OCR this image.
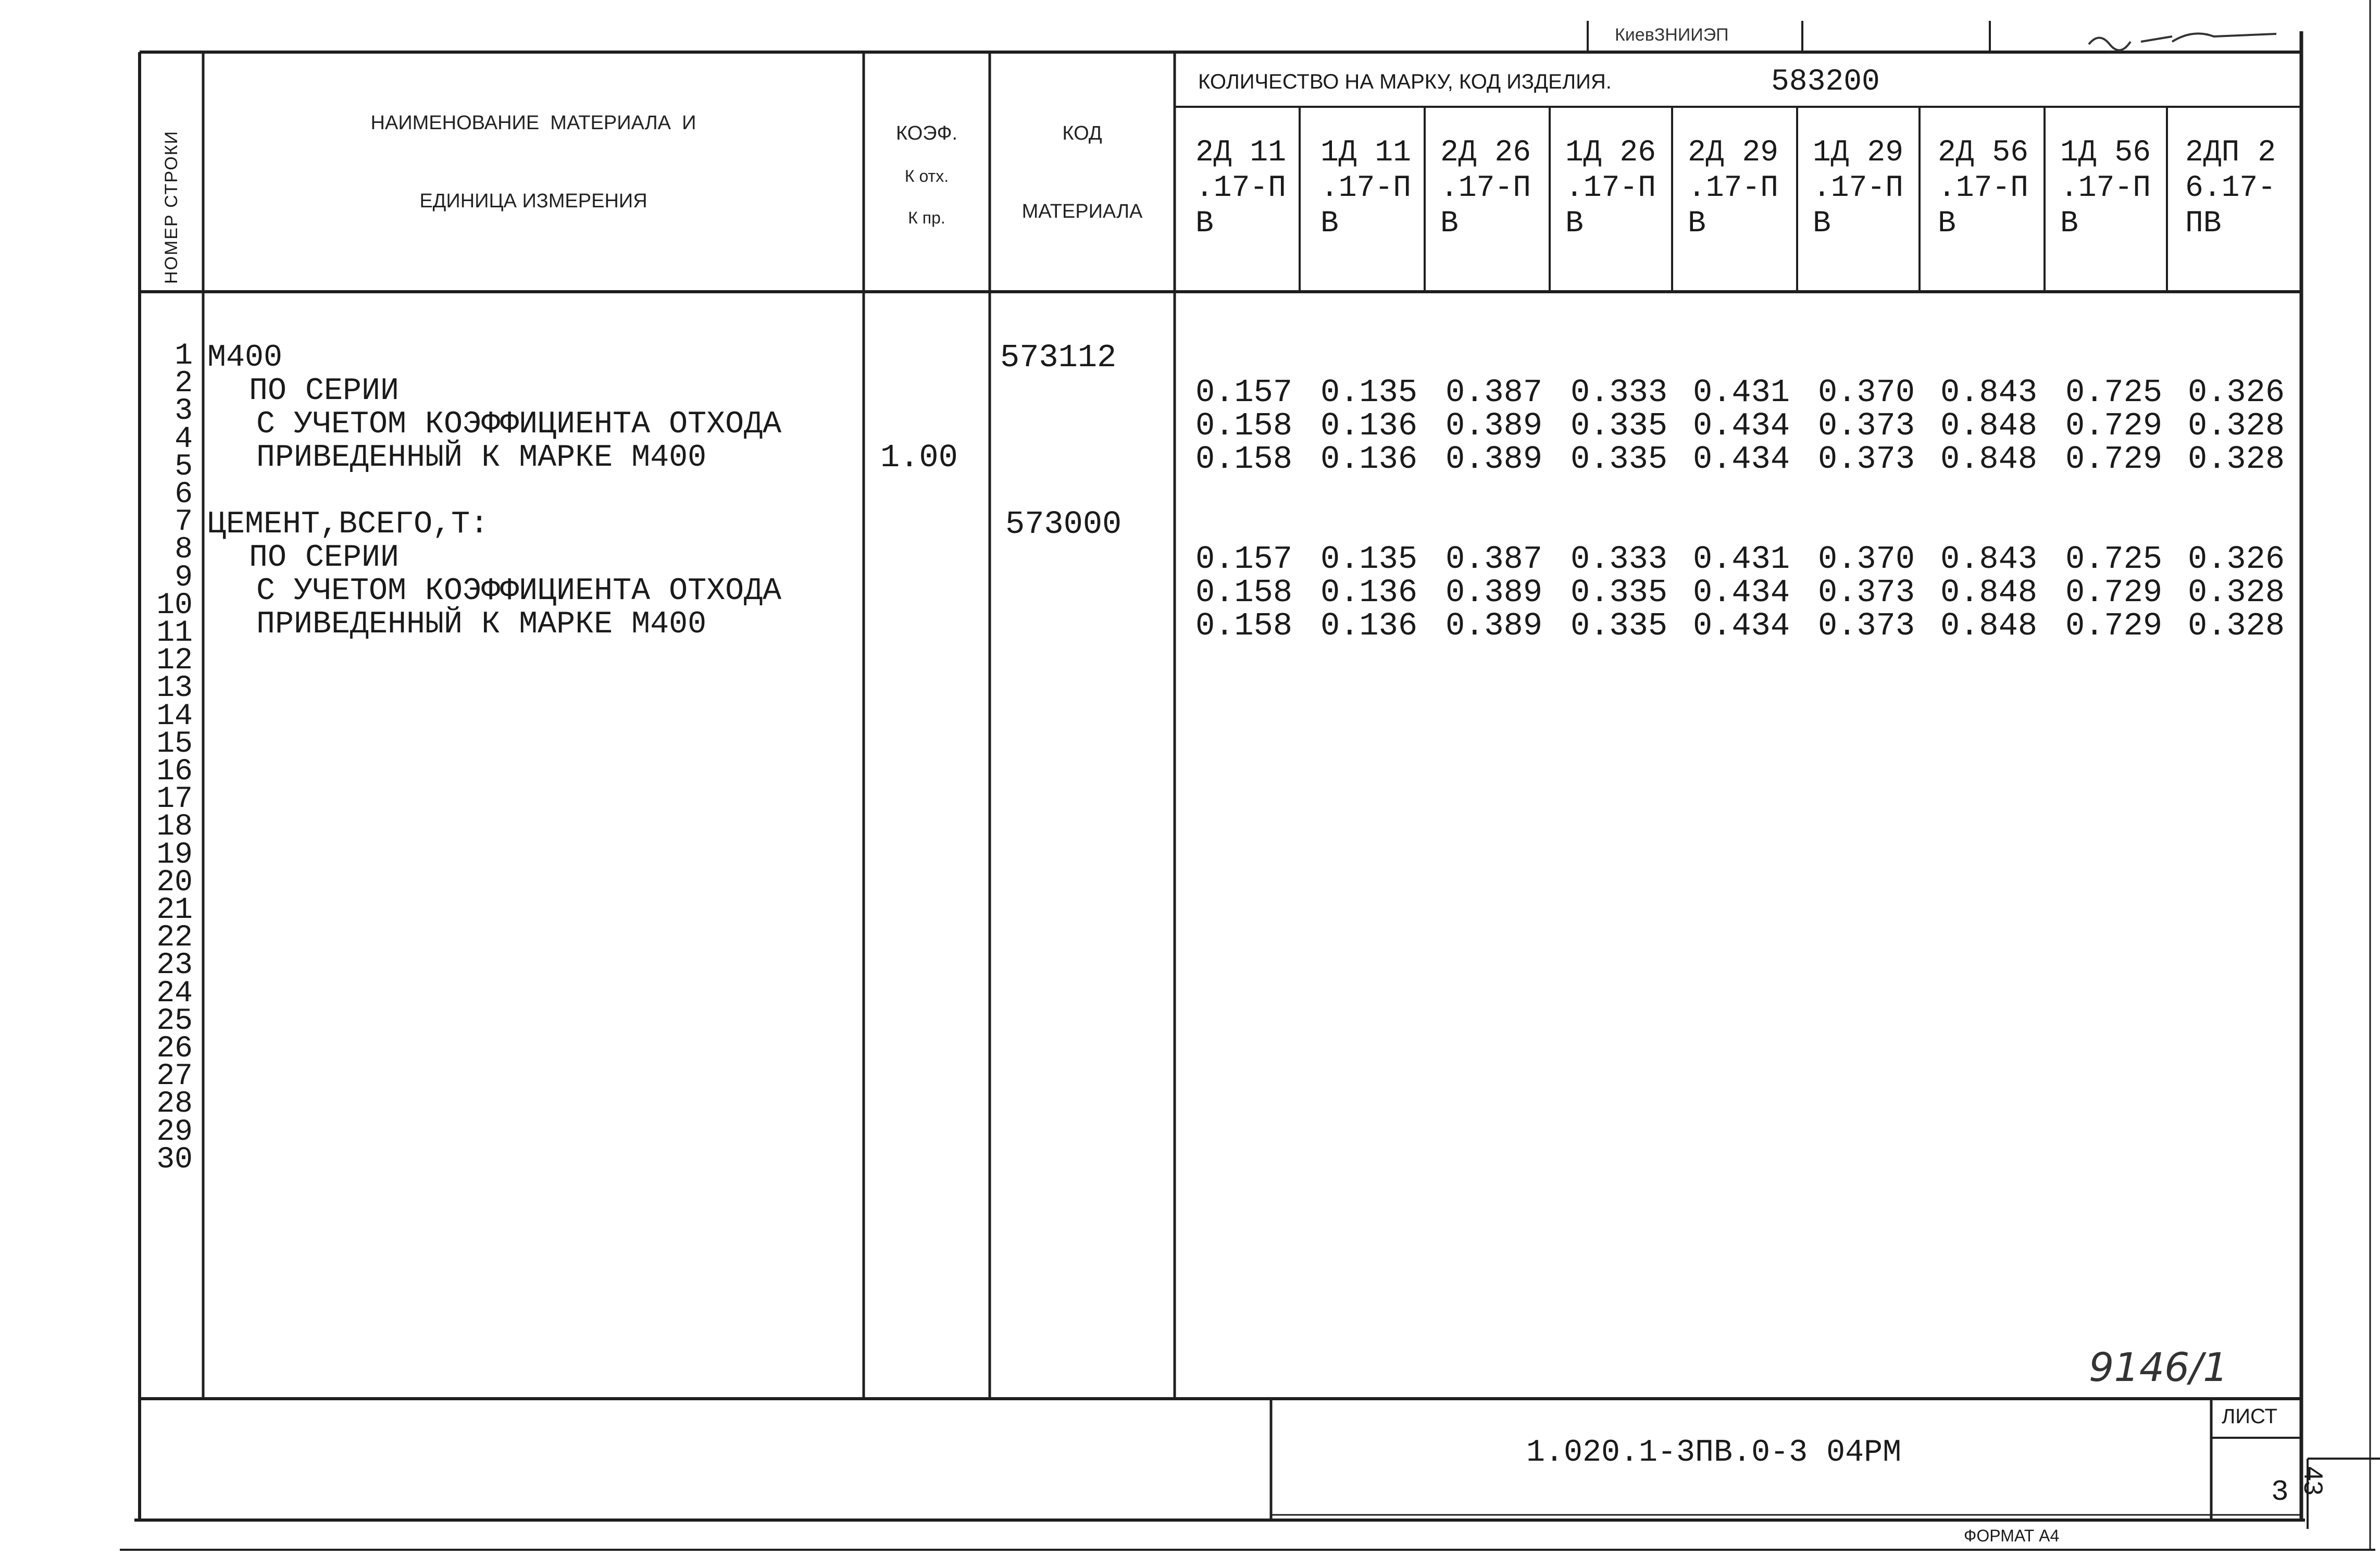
КиевЗНИИЭП
НОМЕР СТРОКИ
НАИМЕНОВАНИЕ  МАТЕРИАЛА  И
ЕДИНИЦА ИЗМЕРЕНИЯ
КОЭФ.
К отх.
К пр.
КОД
МАТЕРИАЛА
КОЛИЧЕСТВО НА МАРКУ, КОД ИЗДЕЛИЯ.	583200
2Д 11
.17-П
В
1Д 11
.17-П
В
2Д 26
.17-П
В
1Д 26
.17-П
В
2Д 29
.17-П
В
1Д 29
.17-П
В
2Д 56
.17-П
В
1Д 56
.17-П
В
2ДП 2
6.17-
ПВ
1
2
3
4
5
6
7
8
9
10
11
12
13
14
15
16
17
18
19
20
21
22
23
24
25
26
27
28
29
30
М400
ПО СЕРИИ
С УЧЕТОМ КОЭФФИЦИЕНТА ОТХОДА
ПРИВЕДЕННЫЙ К МАРКЕ М400	1.00
573112
0.157 0.135 0.387 0.333 0.431 0.370 0.843 0.725 0.326
0.158 0.136 0.389 0.335 0.434 0.373 0.848 0.729 0.328
0.158 0.136 0.389 0.335 0.434 0.373 0.848 0.729 0.328
ЦЕМЕНТ,ВСЕГО,Т:
ПО СЕРИИ
С УЧЕТОМ КОЭФФИЦИЕНТА ОТХОДА
ПРИВЕДЕННЫЙ К МАРКЕ М400
573000
0.157 0.135 0.387 0.333 0.431 0.370 0.843 0.725 0.326
0.158 0.136 0.389 0.335 0.434 0.373 0.848 0.729 0.328
0.158 0.136 0.389 0.335 0.434 0.373 0.848 0.729 0.328
9146/1
1.020.1-3ПВ.0-3 04РМ
ЛИСТ
3
ФОРМАТ А4
43
